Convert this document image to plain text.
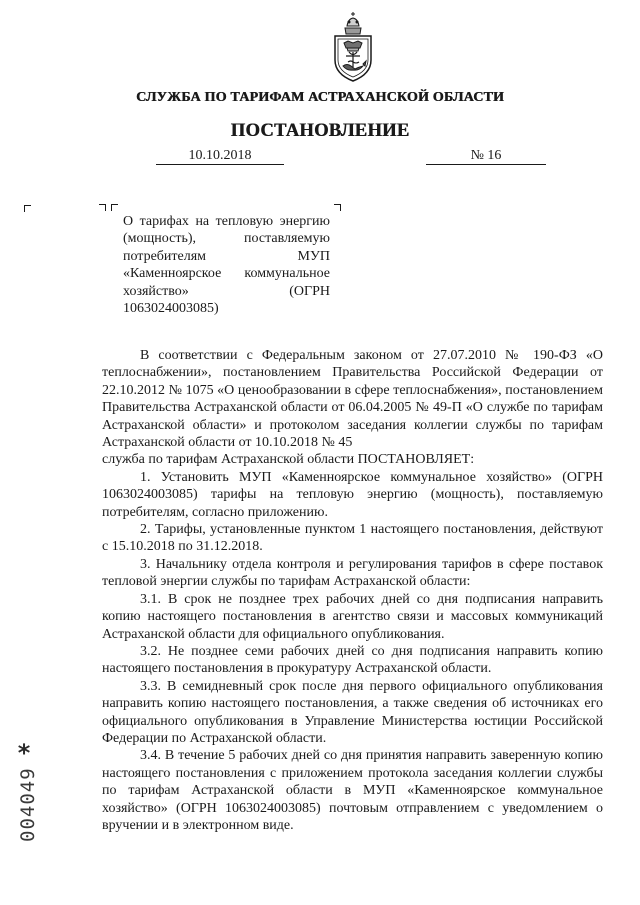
СЛУЖБА ПО ТАРИФАМ АСТРАХАНСКОЙ ОБЛАСТИ
ПОСТАНОВЛЕНИЕ
10.10.2018	№ 16

О тарифах на тепловую энергию (мощность), поставляемую потребителям МУП «Каменноярское коммунальное хозяйство» (ОГРН 1063024003085)

В соответствии с Федеральным законом от 27.07.2010 № 190-ФЗ «О теплоснабжении», постановлением Правительства Российской Федерации от 22.10.2012 № 1075 «О ценообразовании в сфере теплоснабжения», постановлением Правительства Астраханской области от 06.04.2005 № 49-П «О службе по тарифам Астраханской области» и протоколом заседания коллегии службы по тарифам Астраханской области от 10.10.2018 № 45

служба по тарифам Астраханской области ПОСТАНОВЛЯЕТ:

1. Установить МУП «Каменноярское коммунальное хозяйство» (ОГРН 1063024003085) тарифы на тепловую энергию (мощность), поставляемую потребителям, согласно приложению.

2. Тарифы, установленные пунктом 1 настоящего постановления, действуют с 15.10.2018 по 31.12.2018.

3. Начальнику отдела контроля и регулирования тарифов в сфере поставок тепловой энергии службы по тарифам Астраханской области:

3.1. В срок не позднее трех рабочих дней со дня подписания направить копию настоящего постановления в агентство связи и массовых коммуникаций Астраханской области для официального опубликования.

3.2. Не позднее семи рабочих дней со дня подписания направить копию настоящего постановления в прокуратуру Астраханской области.

3.3. В семидневный срок после дня первого официального опубликования направить копию настоящего постановления, а также сведения об источниках его официального опубликования в Управление Министерства юстиции Российской Федерации по Астраханской области.

3.4. В течение 5 рабочих дней со дня принятия направить заверенную копию настоящего постановления с приложением протокола заседания коллегии службы по тарифам Астраханской области в МУП «Каменноярское коммунальное хозяйство» (ОГРН 1063024003085) почтовым отправлением с уведомлением о вручении и в электронном виде.

*
004049
